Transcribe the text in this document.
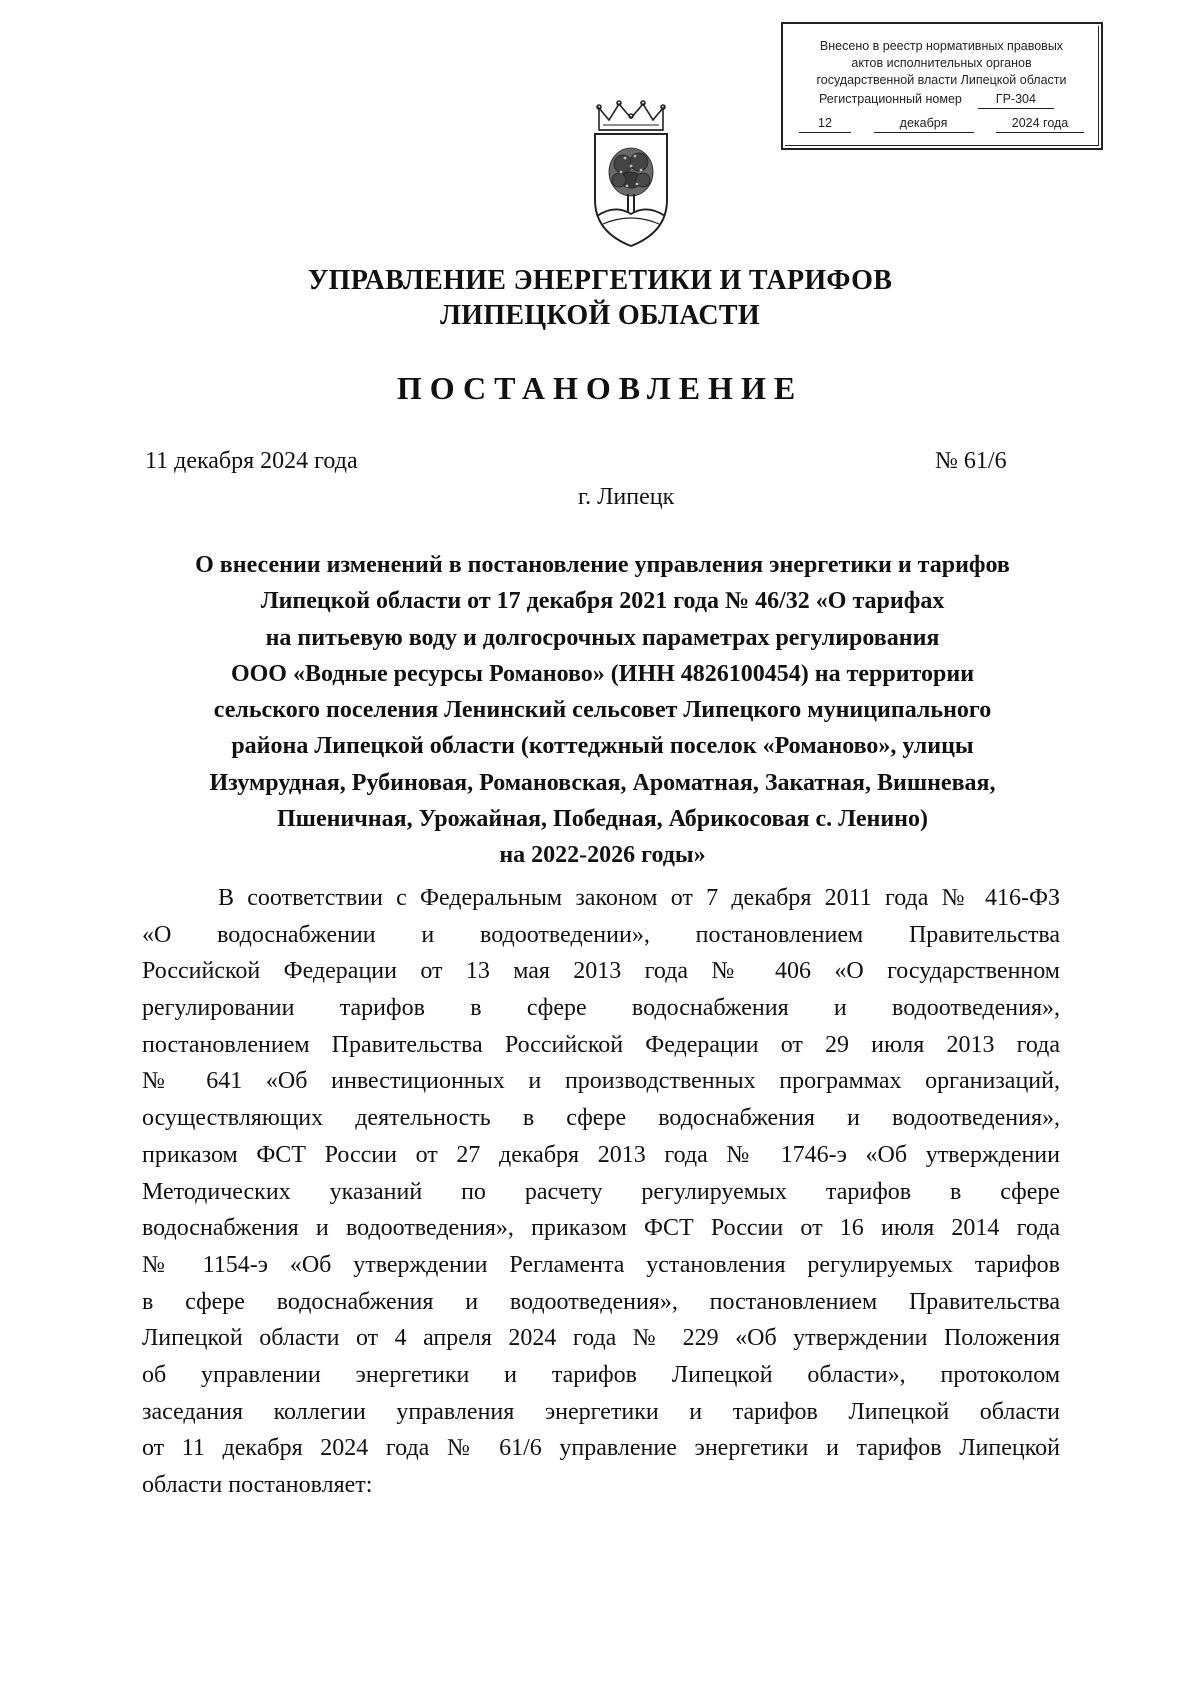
Внесено в реестр нормативных правовых
актов исполнительных органов
государственной власти Липецкой области
Регистрационный номер	ГР-304
12	декабря	2024 года
УПРАВЛЕНИЕ ЭНЕРГЕТИКИ И ТАРИФОВ
ЛИПЕЦКОЙ ОБЛАСТИ
ПОСТАНОВЛЕНИЕ
11 декабря 2024 года	№ 61/6
г. Липецк
О внесении изменений в постановление управления энергетики и тарифов
Липецкой области от 17 декабря 2021 года № 46/32 «О тарифах
на питьевую воду и долгосрочных параметрах регулирования
ООО «Водные ресурсы Романово» (ИНН 4826100454) на территории
сельского поселения Ленинский сельсовет Липецкого муниципального
района Липецкой области (коттеджный поселок «Романово», улицы
Изумрудная, Рубиновая, Романовская, Ароматная, Закатная, Вишневая,
Пшеничная, Урожайная, Победная, Абрикосовая с. Ленино)
на 2022-2026 годы»
В соответствии с Федеральным законом от 7 декабря 2011 года № 416-ФЗ
«О водоснабжении и водоотведении», постановлением Правительства
Российской Федерации от 13 мая 2013 года № 406 «О государственном
регулировании тарифов в сфере водоснабжения и водоотведения»,
постановлением Правительства Российской Федерации от 29 июля 2013 года
№ 641 «Об инвестиционных и производственных программах организаций,
осуществляющих деятельность в сфере водоснабжения и водоотведения»,
приказом ФСТ России от 27 декабря 2013 года № 1746-э «Об утверждении
Методических указаний по расчету регулируемых тарифов в сфере
водоснабжения и водоотведения», приказом ФСТ России от 16 июля 2014 года
№ 1154-э «Об утверждении Регламента установления регулируемых тарифов
в сфере водоснабжения и водоотведения», постановлением Правительства
Липецкой области от 4 апреля 2024 года № 229 «Об утверждении Положения
об управлении энергетики и тарифов Липецкой области», протоколом
заседания коллегии управления энергетики и тарифов Липецкой области
от 11 декабря 2024 года № 61/6 управление энергетики и тарифов Липецкой
области постановляет:
